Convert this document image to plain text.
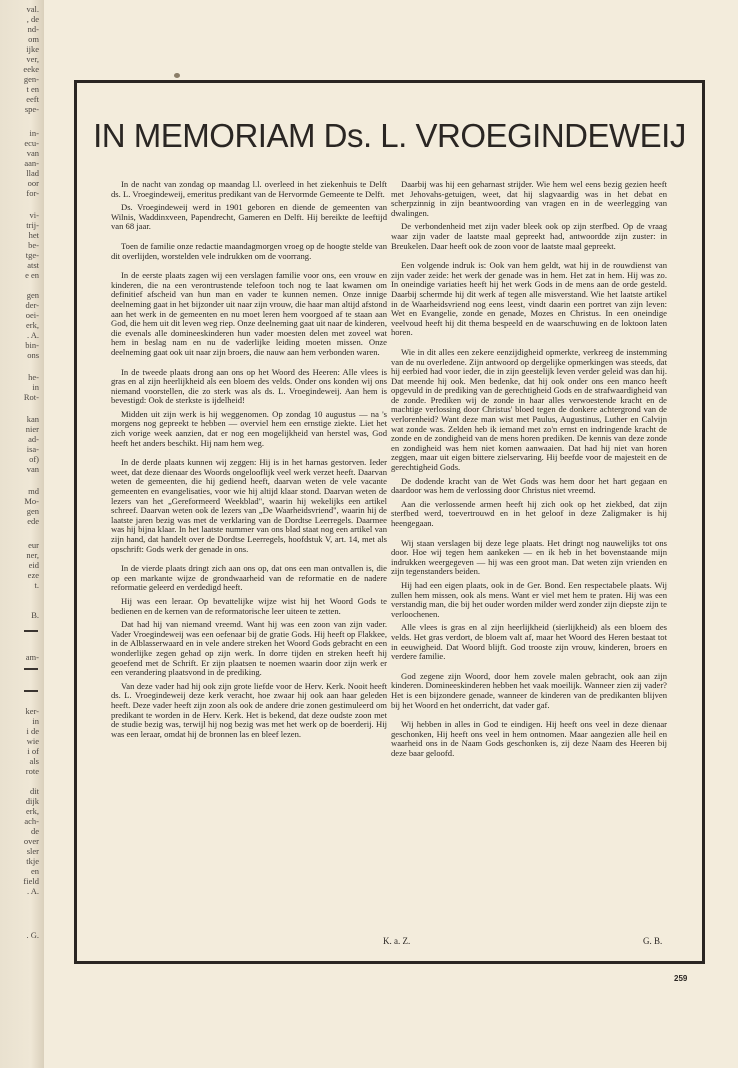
val.
, de
nd-
om
ijke
ver,
eeke
gen-
t en
eeft
spe-
in-
ecu-
van
aan-
llad
oor
for-
vi-
trij-
het
be-
tge-
atst
e en
gen
der-
oei-
erk,
. A.
bin-
ons
he-
in
Rot-
kan
nier
ad-
isa-
of)
van
md
Mo-
gen
ede
eur
ner,
eid
eze
t.
B.
am-
ker-
in
i de
wie
i of
als
rote
dit
dijk
erk,
ach-
de
over
sler
tkje
en
field
. A.
. G.
IN MEMORIAM Ds. L. VROEGINDEWEIJ

In de nacht van zondag op maandag l.l. overleed in het ziekenhuis te Delft ds. L. Vroegindeweij, emeritus predikant van de Hervormde Gemeente te Delft.

Ds. Vroegindeweij werd in 1901 geboren en diende de gemeenten van Wilnis, Waddinxveen, Papendrecht, Gameren en Delft. Hij bereikte de leeftijd van 68 jaar.

Toen de familie onze redactie maandagmorgen vroeg op de hoogte stelde van dit overlijden, worstelden vele indrukken om de voorrang.

In de eerste plaats zagen wij een verslagen familie voor ons, een vrouw en kinderen, die na een verontrustende telefoon toch nog te laat kwamen om definitief afscheid van hun man en vader te kunnen nemen. Onze innige deelneming gaat in het bijzonder uit naar zijn vrouw, die haar man altijd afstond aan het werk in de gemeenten en nu moet leren hem voorgoed af te staan aan God, die hem uit dit leven weg riep. Onze deelneming gaat uit naar de kinderen, die evenals alle domineeskinderen hun vader moesten delen met zoveel wat hem in beslag nam en nu de vaderlijke leiding moeten missen. Onze deelneming gaat ook uit naar zijn broers, die nauw aan hem verbonden waren.

In de tweede plaats drong aan ons op het Woord des Heeren: Alle vlees is gras en al zijn heerlijkheid als een bloem des velds. Onder ons konden wij ons niemand voorstellen, die zo sterk was als ds. L. Vroegindeweij. Aan hem is bevestigd: Ook de sterkste is ijdelheid!

Midden uit zijn werk is hij weggenomen. Op zondag 10 augustus — na 's morgens nog gepreekt te hebben — overviel hem een ernstige ziekte. Liet het zich vorige week aanzien, dat er nog een mogelijkheid van herstel was, God heeft het anders beschikt. Hij nam hem weg.

In de derde plaats kunnen wij zeggen: Hij is in het harnas gestorven. Ieder weet, dat deze dienaar des Woords ongelooflijk veel werk verzet heeft. Daarvan weten de gemeenten, die hij gediend heeft, daarvan weten de vele vacante gemeenten en evangelisaties, voor wie hij altijd klaar stond. Daarvan weten de lezers van het „Gereformeerd Weekblad", waarin hij wekelijks een artikel schreef. Daarvan weten ook de lezers van „De Waarheidsvriend", waarin hij de laatste jaren bezig was met de verklaring van de Dordtse Leerregels. Daarmee was hij bijna klaar. In het laatste nummer van ons blad staat nog een artikel van zijn hand, dat handelt over de Dordtse Leerregels, hoofdstuk V, art. 14, met als opschrift: Gods werk der genade in ons.

In de vierde plaats dringt zich aan ons op, dat ons een man ontvallen is, die op een markante wijze de grondwaarheid van de reformatie en de nadere reformatie geleerd en verdedigd heeft.

Hij was een leraar. Op bevattelijke wijze wist hij het Woord Gods te bedienen en de kernen van de reformatorische leer uiteen te zetten.

Dat had hij van niemand vreemd. Want hij was een zoon van zijn vader. Vader Vroegindeweij was een oefenaar bij de gratie Gods. Hij heeft op Flakkee, in de Alblasserwaard en in vele andere streken het Woord Gods gebracht en een wonderlijke zegen gehad op zijn werk. In dorre tijden en streken heeft hij geoefend met de Schrift. Er zijn plaatsen te noemen waarin door zijn werk er een verandering plaatsvond in de prediking.

Van deze vader had hij ook zijn grote liefde voor de Herv. Kerk. Nooit heeft ds. L. Vroegindeweij deze kerk veracht, hoe zwaar hij ook aan haar geleden heeft. Deze vader heeft zijn zoon als ook de andere drie zonen gestimuleerd om predikant te worden in de Herv. Kerk. Het is bekend, dat deze oudste zoon met de studie bezig was, terwijl hij nog bezig was met het werk op de boerderij. Hij was een leraar, omdat hij de bronnen las en bleef lezen.

Daarbij was hij een geharnast strijder. Wie hem wel eens bezig gezien heeft met Jehovahs-getuigen, weet, dat hij slagvaardig was in het debat en scherpzinnig in zijn beantwoording van vragen en in de weerlegging van dwalingen.

De verbondenheid met zijn vader bleek ook op zijn sterfbed. Op de vraag waar zijn vader de laatste maal gepreekt had, antwoordde zijn zuster: in Breukelen. Daar heeft ook de zoon voor de laatste maal gepreekt.

Een volgende indruk is: Ook van hem geldt, wat hij in de rouwdienst van zijn vader zeide: het werk der genade was in hem. Het zat in hem. Hij was zo. In oneindige variaties heeft hij het werk Gods in de mens aan de orde gesteld. Daarbij schermde hij dit werk af tegen alle misverstand. Wie het laatste artikel in de Waarheidsvriend nog eens leest, vindt daarin een portret van zijn leven: Wet en Evangelie, zonde en genade, Mozes en Christus. In een oneindige veelvoud heeft hij dit thema bespeeld en de waarschuwing en de loktoon laten horen.

Wie in dit alles een zekere eenzijdigheid opmerkte, verkreeg de instemming van de nu overledene. Zijn antwoord op dergelijke opmerkingen was steeds, dat hij eerbied had voor ieder, die in zijn geestelijk leven verder geleid was dan hij. Dat meende hij ook. Men bedenke, dat hij ook onder ons een manco heeft opgevuld in de prediking van de gerechtigheid Gods en de strafwaardigheid van de zonde. Prediken wij de zonde in haar alles verwoestende kracht en de machtige verlossing door Christus' bloed tegen de donkere achtergrond van de verlorenheid? Want deze man wist met Paulus, Augustinus, Luther en Calvijn wat zonde was. Zelden heb ik iemand met zo'n ernst en indringende kracht de zonde en de zondigheid van de mens horen prediken. De kennis van deze zonde en zondigheid was hem niet komen aanwaaien. Dat had hij niet van horen zeggen, maar uit eigen bittere zielservaring. Hij beefde voor de majesteit en de gerechtigheid Gods.

De dodende kracht van de Wet Gods was hem door het hart gegaan en daardoor was hem de verlossing door Christus niet vreemd.

Aan die verlossende armen heeft hij zich ook op het ziekbed, dat zijn sterfbed werd, toevertrouwd en in het geloof in deze Zaligmaker is hij heengegaan.

Wij staan verslagen bij deze lege plaats. Het dringt nog nauwelijks tot ons door. Hoe wij tegen hem aankeken — en ik heb in het bovenstaande mijn indrukken weergegeven — hij was een groot man. Dat weten zijn vrienden en zijn tegenstanders beiden.

Hij had een eigen plaats, ook in de Ger. Bond. Een respectabele plaats. Wij zullen hem missen, ook als mens. Want er viel met hem te praten. Hij was een verstandig man, die bij het ouder worden milder werd zonder zijn diepste zijn te verloochenen.

Alle vlees is gras en al zijn heerlijkheid (sierlijkheid) als een bloem des velds. Het gras verdort, de bloem valt af, maar het Woord des Heren bestaat tot in eeuwigheid. Dat Woord blijft. God trooste zijn vrouw, kinderen, broers en verdere familie.

God zegene zijn Woord, door hem zovele malen gebracht, ook aan zijn kinderen. Domineeskinderen hebben het vaak moeilijk. Wanneer zien zij vader? Het is een bijzondere genade, wanneer de kinderen van de predikanten blijven bij het Woord en het onderricht, dat vader gaf.

Wij hebben in alles in God te eindigen. Hij heeft ons veel in deze dienaar geschonken, Hij heeft ons veel in hem ontnomen. Maar aangezien alle heil en waarheid ons in de Naam Gods geschonken is, zij deze Naam des Heeren bij deze baar geloofd.

K. a. Z.	G. B.
259
